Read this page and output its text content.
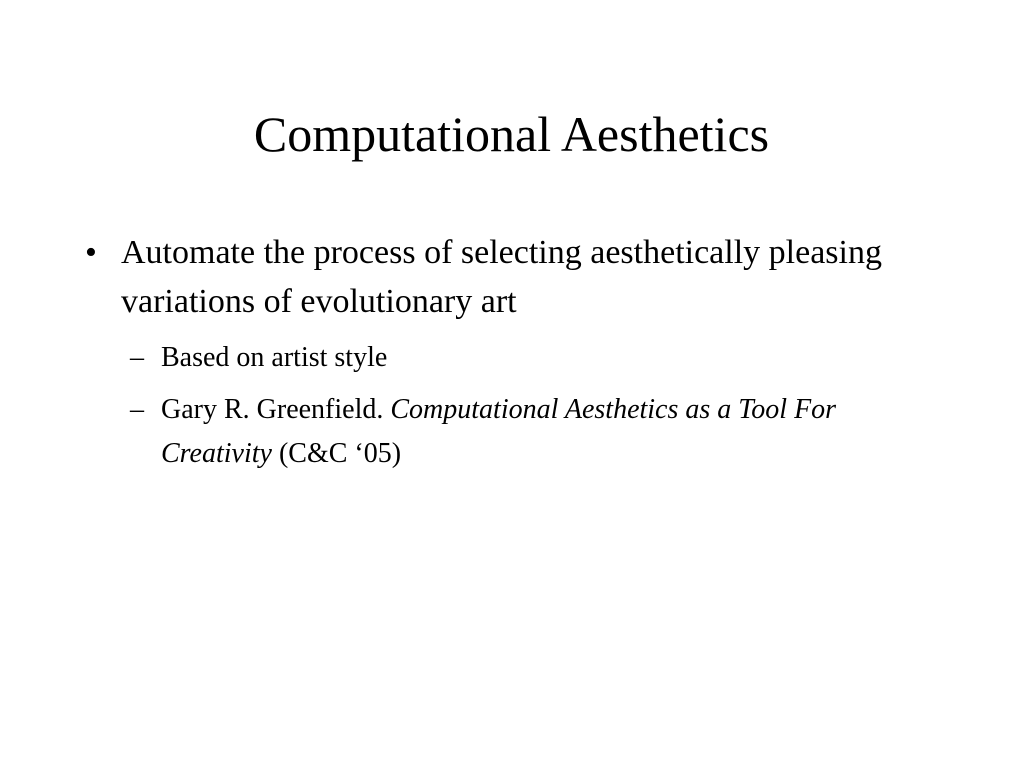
Computational Aesthetics
• Automate the process of selecting aesthetically pleasing variations of evolutionary art
– Based on artist style
– Gary R. Greenfield. Computational Aesthetics as a Tool For Creativity (C&C ‘05)
